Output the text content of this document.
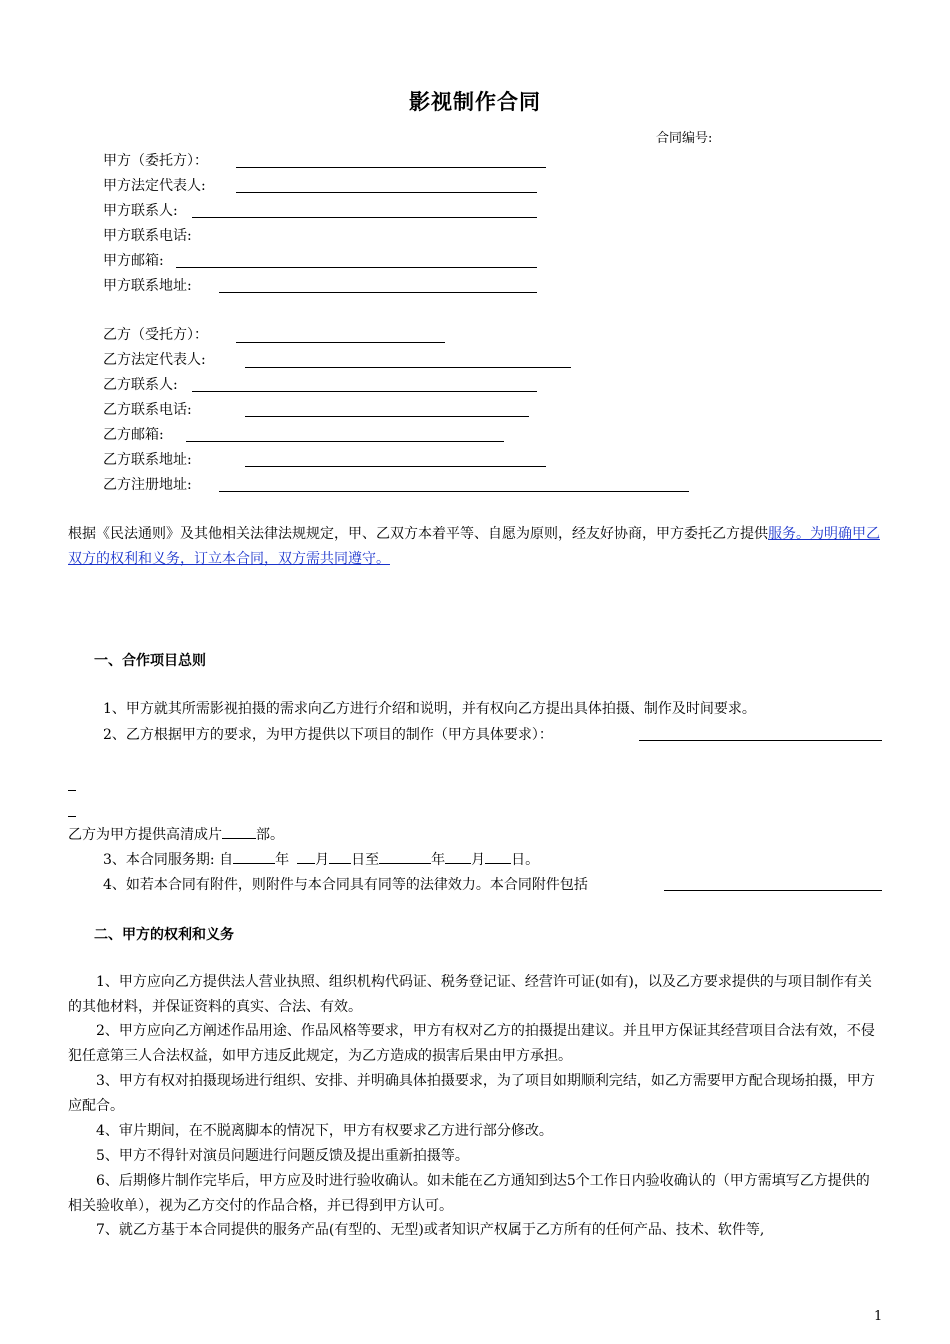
影视制作合同
合同编号:
甲方（委托方）：
甲方法定代表人:
甲方联系人:
甲方联系电话:
甲方邮箱:
甲方联系地址:
乙方（受托方）：
乙方法定代表人:
乙方联系人:
乙方联系电话:
乙方邮箱:
乙方联系地址:
乙方注册地址:
根据《民法通则》及其他相关法律法规规定，甲、乙双方本着平等、自愿为原则，经友好协商，甲方委托乙方提供服务。为明确甲乙双方的权利和义务，订立本合同，双方需共同遵守。
一、合作项目总则
1、甲方就其所需影视拍摄的需求向乙方进行介绍和说明，并有权向乙方提出具体拍摄、制作及时间要求。
2、乙方根据甲方的要求，为甲方提供以下项目的制作（甲方具体要求）：
乙方为甲方提供高清成片 部。
3、本合同服务期: 自	年 月 日至	年 月 日。
4、如若本合同有附件，则附件与本合同具有同等的法律效力。本合同附件包括
二、甲方的权利和义务
1、甲方应向乙方提供法人营业执照、组织机构代码证、税务登记证、经营许可证(如有)，以及乙方要求提供的与项目制作有关的其他材料，并保证资料的真实、合法、有效。
2、甲方应向乙方阐述作品用途、作品风格等要求，甲方有权对乙方的拍摄提出建议。并且甲方保证其经营项目合法有效，不侵犯任意第三人合法权益，如甲方违反此规定，为乙方造成的损害后果由甲方承担。
3、甲方有权对拍摄现场进行组织、安排、并明确具体拍摄要求，为了项目如期顺利完结，如乙方需要甲方配合现场拍摄，甲方应配合。
4、审片期间，在不脱离脚本的情况下，甲方有权要求乙方进行部分修改。
5、甲方不得针对演员问题进行问题反馈及提出重新拍摄等。
6、后期修片制作完毕后，甲方应及时进行验收确认。如未能在乙方通知到达5个工作日内验收确认的（甲方需填写乙方提供的相关验收单），视为乙方交付的作品合格，并已得到甲方认可。
7、就乙方基于本合同提供的服务产品(有型的、无型)或者知识产权属于乙方所有的任何产品、技术、软件等,
1
